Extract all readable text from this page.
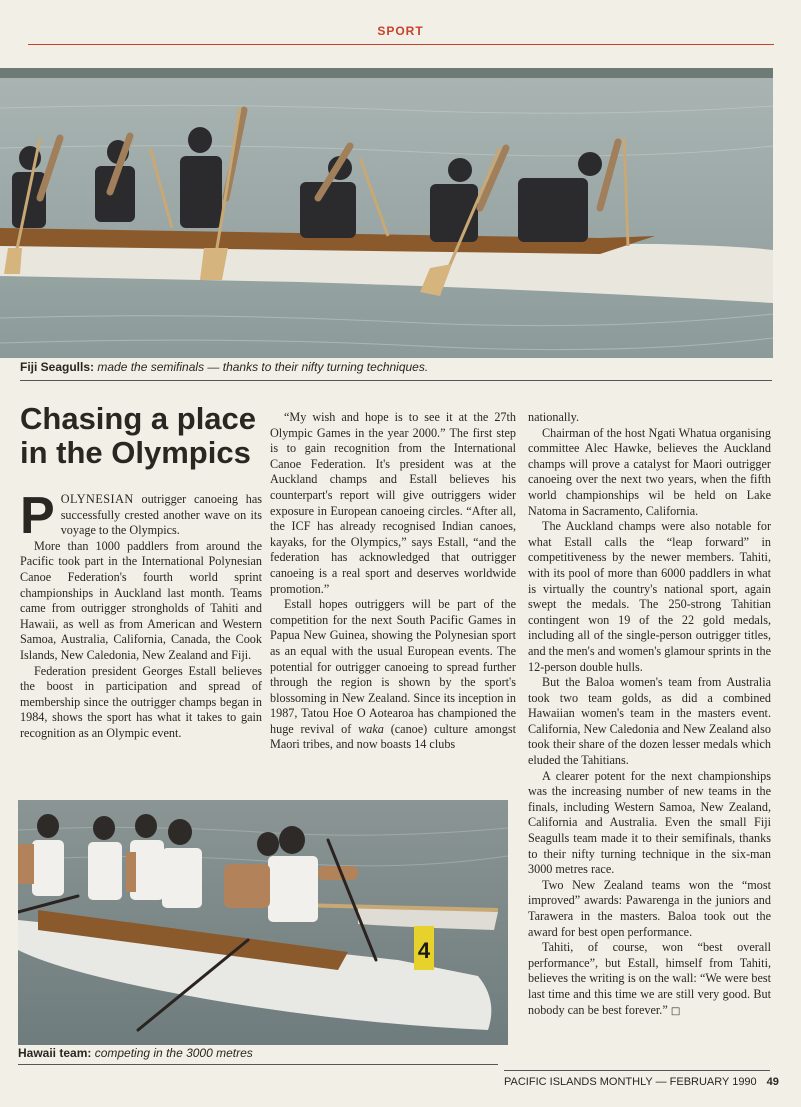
SPORT
Fiji Seagulls: made the semifinals — thanks to their nifty turning techniques.
Chasing a place in the Olympics

POLYNESIAN outrigger canoeing has successfully crested another wave on its voyage to the Olympics.

More than 1000 paddlers from around the Pacific took part in the International Polynesian Canoe Federation's fourth world sprint championships in Auckland last month. Teams came from outrigger strongholds of Tahiti and Hawaii, as well as from American and Western Samoa, Australia, California, Canada, the Cook Islands, New Caledonia, New Zealand and Fiji.

Federation president Georges Estall believes the boost in participation and spread of membership since the outrigger champs began in 1984, shows the sport has what it takes to gain recognition as an Olympic event.

“My wish and hope is to see it at the 27th Olympic Games in the year 2000.” The first step is to gain recognition from the International Canoe Federation. It's president was at the Auckland champs and Estall believes his counterpart's report will give outriggers wider exposure in European canoeing circles. “After all, the ICF has already recognised Indian canoes, kayaks, for the Olympics,” says Estall, “and the federation has acknowledged that outrigger canoeing is a real sport and deserves worldwide promotion.”

Estall hopes outriggers will be part of the competition for the next South Pacific Games in Papua New Guinea, showing the Polynesian sport as an equal with the usual European events. The potential for outrigger canoeing to spread further through the region is shown by the sport's blossoming in New Zealand. Since its inception in 1987, Tatou Hoe O Aotearoa has championed the huge revival of waka (canoe) culture amongst Maori tribes, and now boasts 14 clubs

nationally.

Chairman of the host Ngati Whatua organising committee Alec Hawke, believes the Auckland champs will prove a catalyst for Maori outrigger canoeing over the next two years, when the fifth world championships wil be held on Lake Natoma in Sacramento, California.

The Auckland champs were also notable for what Estall calls the “leap forward” in competitiveness by the newer members. Tahiti, with its pool of more than 6000 paddlers in what is virtually the country's national sport, again swept the medals. The 250-strong Tahitian contingent won 19 of the 22 gold medals, including all of the single-person outrigger titles, and the men's and women's glamour sprints in the 12-person double hulls.

But the Baloa women's team from Australia took two team golds, as did a combined Hawaiian women's team in the masters event. California, New Caledonia and New Zealand also took their share of the dozen lesser medals which eluded the Tahitians.

A clearer potent for the next championships was the increasing number of new teams in the finals, including Western Samoa, New Zealand, California and Australia. Even the small Fiji Seagulls team made it to their semifinals, thanks to their nifty turning technique in the six-man 3000 metres race.

Two New Zealand teams won the “most improved” awards: Pawarenga in the juniors and Tarawera in the masters. Baloa took out the award for best open performance.

Tahiti, of course, won “best overall performance”, but Estall, himself from Tahiti, believes the writing is on the wall: “We were best last time and this time we are still very good. But nobody can be best forever.” □

4
Hawaii team: competing in the 3000 metres
PACIFIC ISLANDS MONTHLY — FEBRUARY 1990 49
